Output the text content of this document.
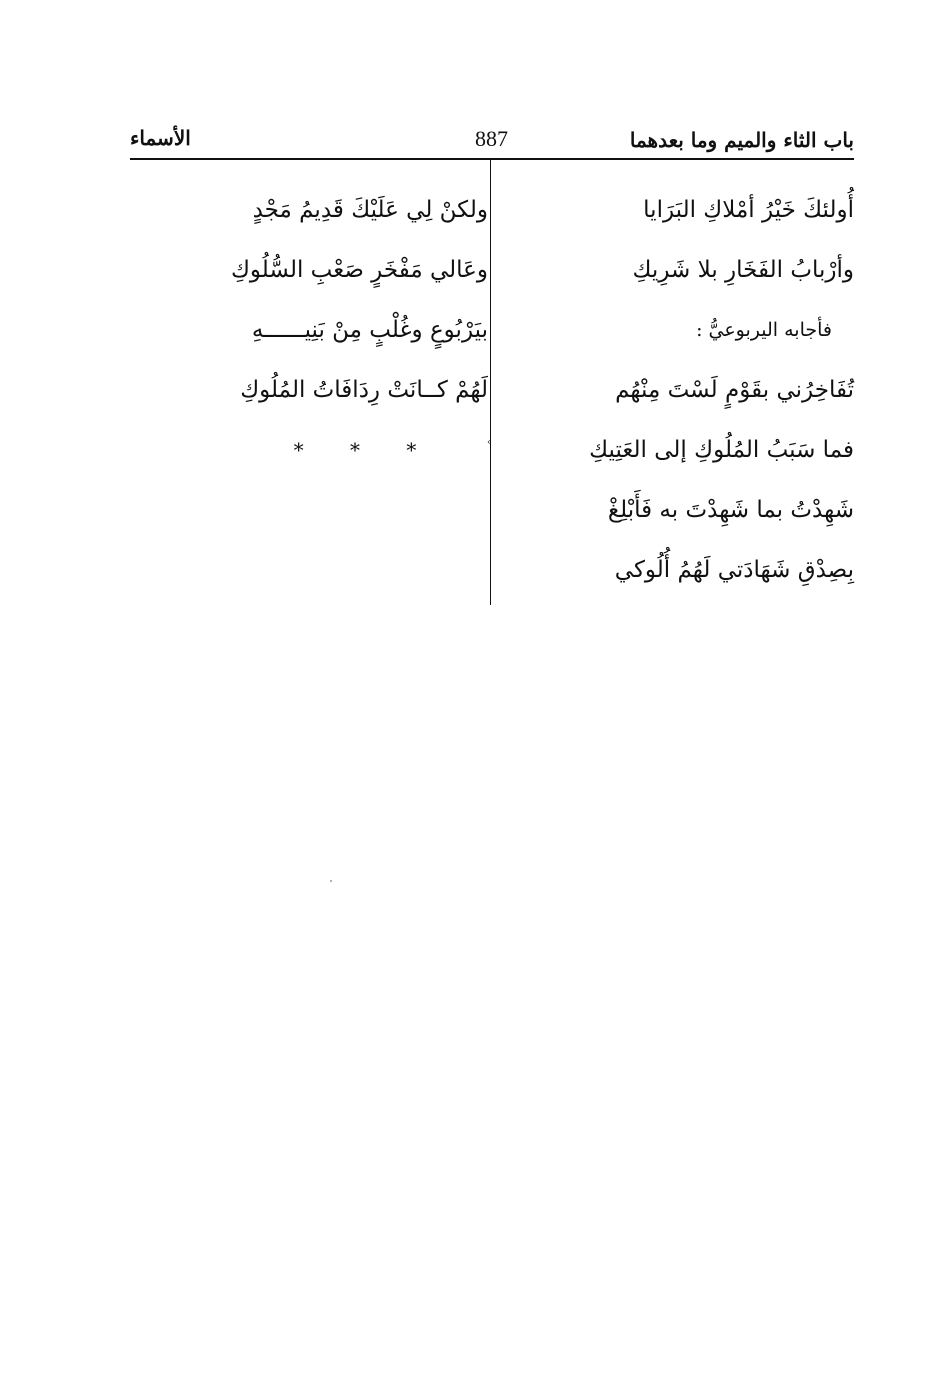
باب الثاء والميم وما بعدهما
887
الأسماء
أُولئكَ خَيْرُ أمْلاكِ البَرَايا
وأرْبابُ الفَخَارِ بلا شَرِيكِ
فأجابه اليربوعيُّ :
تُفَاخِرُني بقَوْمٍ لَسْتَ مِنْهُم
فما سَبَبُ المُلُوكِ إلى العَتِيكِ
شَهِدْتُ بما شَهِدْتَ به فَأَبْلِغْ
بِصِدْقِ شَهَادَتي لَهُمُ أُلُوكي
ولكنْ لِي عَلَيْكَ قَدِيمُ مَجْدٍ
وعَالي مَفْخَرٍ صَعْبِ السُّلُوكِ
بيَرْبُوعٍ وغُلْبٍ مِنْ بَنِيــــــهِ
لَهُمْ كــانَتْ رِدَافَاتُ المُلُوكِ
* * *	‹
